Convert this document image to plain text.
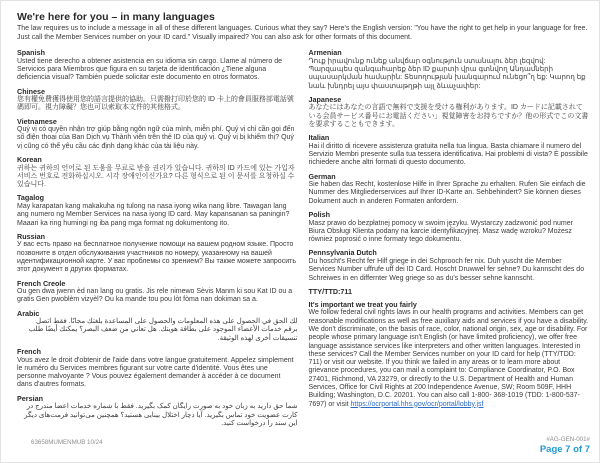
We're here for you – in many languages

The law requires us to include a message in all of these different languages. Curious what they say? Here's the English version: "You have the right to get help in your language for free. Just call the Member Services number on your ID card." Visually impaired? You can also ask for other formats of this document.

Spanish

Usted tiene derecho a obtener asistencia en su idioma sin cargo. Llame al número de Servicios para Miembros que figura en su tarjeta de identificación ¿Tiene alguna deficiencia visual? También puede solicitar este documento en otros formatos.

Chinese

您有權免費獲得使用您的語言提供的協助。只需撥打印於您的 ID 卡上的會員服務部電話號碼即可。視力障礙？您也可以索取本文件的其他格式。

Vietnamese

Quý vị có quyền nhận trợ giúp bằng ngôn ngữ của mình, miễn phí. Quý vị chỉ cần gọi đến số điện thoại của Ban Dịch vụ Thành viên trên thẻ ID của quý vị. Quý vị bị khiếm thị? Quý vị cũng có thể yêu cầu các định dạng khác của tài liệu này.

Korean

귀하는 귀하의 언어로 된 도움을 무료로 받을 권리가 있습니다. 귀하의 ID 카드에 있는 가입자 서비스 번호로 전화하십시오. 시각 장애인이신가요? 다른 형식으로 된 이 문서를 요청하실 수 있습니다.

Tagalog

May karapatan kang makakuha ng tulong na nasa iyong wika nang libre. Tawagan lang ang numero ng Member Services na nasa iyong ID card. May kapansanan sa paningin? Maaari ka ring humingi ng iba pang mga format ng dokumentong ito.

Russian

У вас есть право на бесплатное получение помощи на вашем родном языке. Просто позвоните в отдел обслуживания участников по номеру, указанному на вашей идентификационной карте. У вас проблемы со зрением? Вы также можете запросить этот документ в других форматах.

French Creole

Ou gen dwa jwenn èd nan lang ou gratis. Jis rele nimewo Sèvis Manm ki sou Kat ID ou a gratis Gen pwoblèm vizyèl? Ou ka mande tou pou lòt fòma nan dokiman sa a.

Arabic

لك الحق في الحصول على هذه المعلومات والحصول على المساعدة بلغتك مجانًا. فقط اتصل برقم خدمات الأعضاء الموجود على بطاقة هويتك. هل تعاني من ضعف البصر؟ يمكنك أيضًا طلب تنسيقات أخرى لهذه الوثيقة.

French

Vous avez le droit d'obtenir de l'aide dans votre langue gratuitement. Appelez simplement le numéro du Services membres figurant sur votre carte d'identité. Vous êtes une personne malvoyante ? Vous pouvez également demander à accéder à ce document dans d'autres formats.

Persian

شما حق دارید به زبان خود به صورت رایگان کمک بگیرید. فقط با شماره خدمات اعضا مندرج در کارت عضویت خود تماس بگیرید. آیا دچار اختلال بینایی هستید؟ همچنین می‌توانید فرمت‌های دیگر این سند را درخواست کنید.

Armenian

Դուք իրավունք ունեք անվճար օգնություն ստանալու ձեր լեզվով: Պարզապես զանգահարեք ձեր ID քարտի վրա գտնվող Անդամների սպասարկման համարին: Տեսողության խանգարում ունեցո՞ղ եք: Կարող եք նաև խնդրել այս փաստաթղթի այլ ձևաչափեր:

Japanese

あなたにはあなたの言語で無料で支援を受ける権利があります。ID カードに記載されている会員サービス番号にお電話ください」視覚障害をお持ちですか？他の形式でこの文書を要求することもできます。

Italian

Hai il diritto di ricevere assistenza gratuita nella tua lingua. Basta chiamare il numero del Servizio Membri presente sulla tua tessera identificativa. Hai problemi di vista? È possibile richiedere anche altri formati di questo documento.

German

Sie haben das Recht, kostenlose Hilfe in Ihrer Sprache zu erhalten. Rufen Sie einfach die Nummer des Mitgliederservices auf Ihrer ID-Karte an. Sehbehindert? Sie können dieses Dokument auch in anderen Formaten anfordern.

Polish

Masz prawo do bezpłatnej pomocy w swoim języku. Wystarczy zadzwonić pod numer Biura Obsługi Klienta podany na karcie identyfikacyjnej. Masz wadę wzroku? Możesz również poprosić o inne formaty tego dokumentu.

Pennsylvania Dutch

Du hoscht's Recht fer Hilf griege in dei Schprooch fer nix. Duh yuscht die Member Services Number uffrufe uff dei ID Card. Hoscht Druwwel fer sehne? Du kannscht des do Schreiwes in en differnter Weg griege so as du's besser sehne kannscht.

TTY/TTD:711
It's important we treat you fairly

We follow federal civil rights laws in our health programs and activities. Members can get reasonable modifications as well as free auxiliary aids and services if you have a disability. We don't discriminate, on the basis of race, color, national origin, sex, age or disability. For people whose primary language isn't English (or have limited proficiency), we offer free language assistance services like interpreters and other written languages. Interested in these services? Call the Member Services number on your ID card for help (TTY/TDD: 711) or visit our website. If you think we failed in any areas or to learn more about grievance procedures, you can mail a complaint to: Compliance Coordinator, P.O. Box 27401, Richmond, VA 23279, or directly to the U.S. Department of Health and Human Services, Office for Civil Rights at 200 Independence Avenue, SW; Room 509F, HHH Building; Washington, D.C. 20201. You can also call 1-800- 368-1019 (TDD: 1-800-537-7697) or visit https://ocrportal.hhs.gov/ocr/portal/lobby.jsf

63658MUMENMUB 10/24	#AG-GEN-001#
Page 7 of 7
